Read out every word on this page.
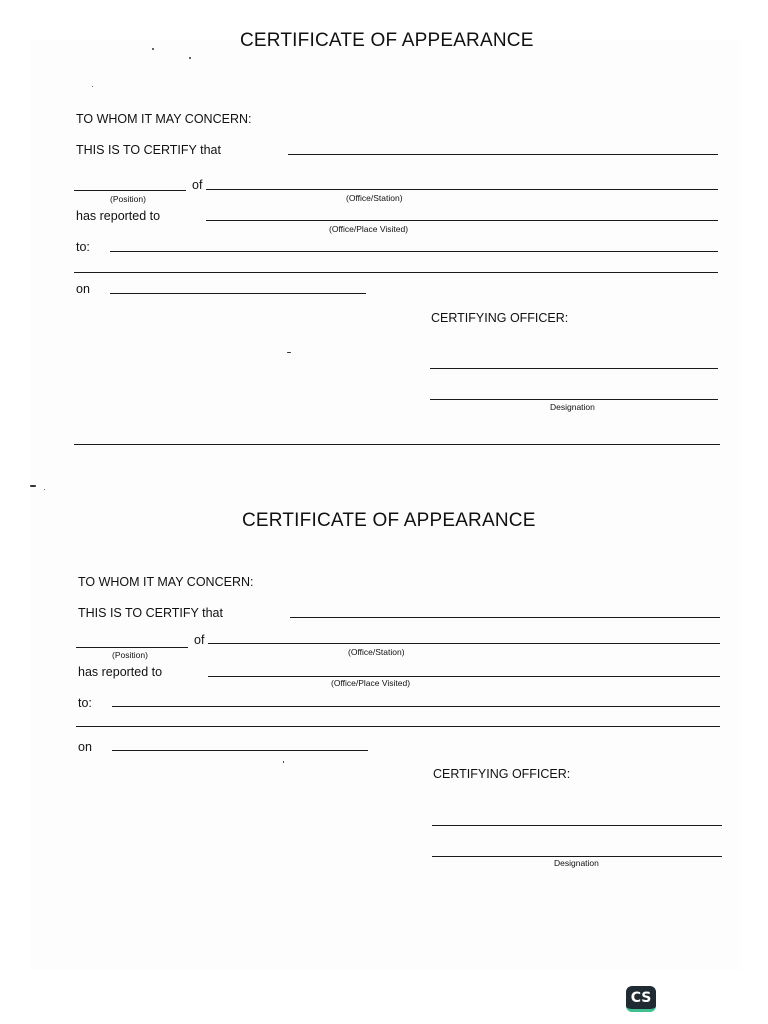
CERTIFICATE OF APPEARANCE
TO WHOM IT MAY CONCERN:
THIS IS TO CERTIFY that
of
(Position)	(Office/Station)
has reported to
(Office/Place Visited)
to:
on
CERTIFYING OFFICER:
Designation
CERTIFICATE OF APPEARANCE
TO WHOM IT MAY CONCERN:
THIS IS TO CERTIFY that
of
(Position)	(Office/Station)
has reported to
(Office/Place Visited)
to:
on
CERTIFYING OFFICER:
Designation
CS
